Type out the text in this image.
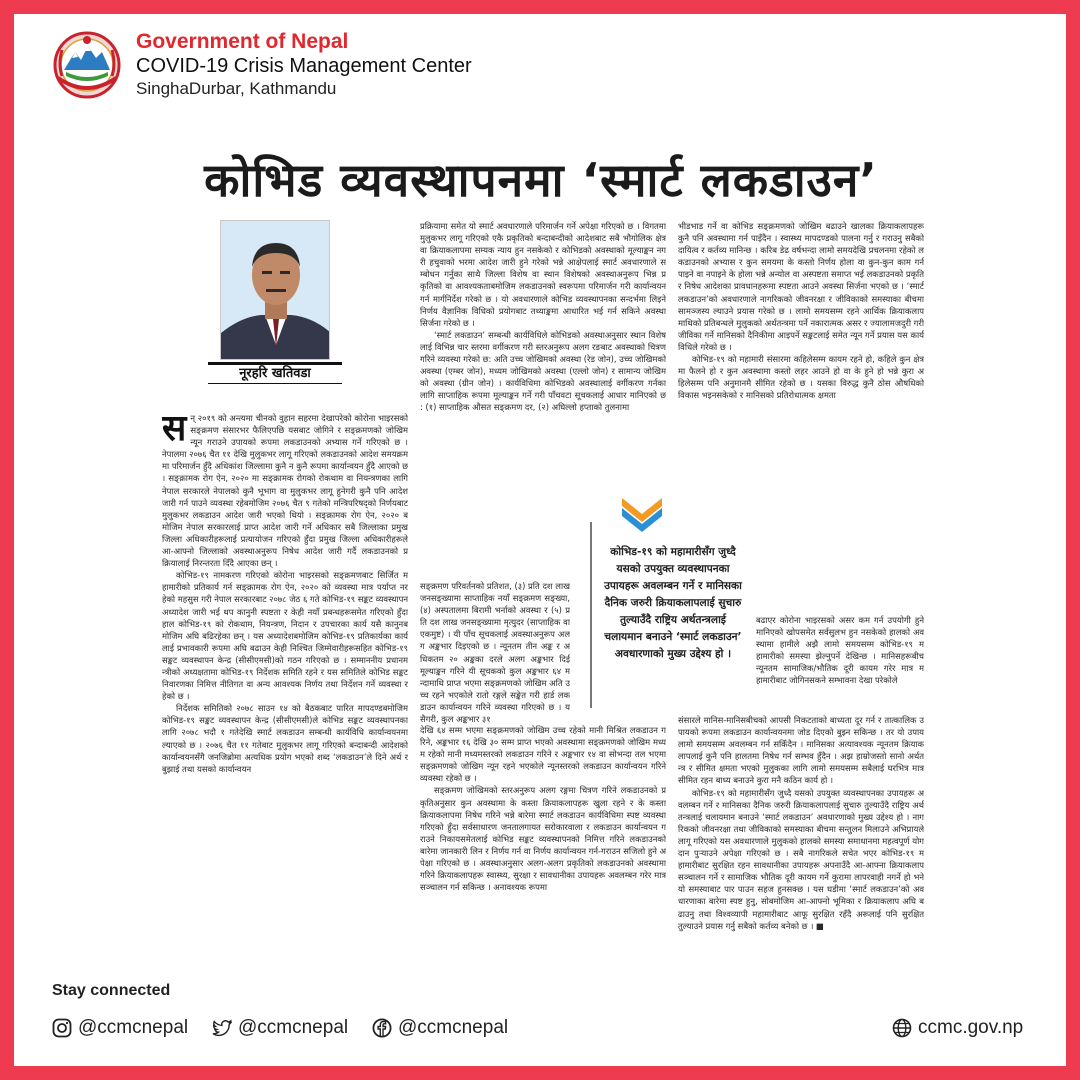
Government of Nepal
COVID-19 Crisis Management Center
SinghaDurbar, Kathmandu
कोभिड व्यवस्थापनमा ‘स्मार्ट लकडाउन’
नूरहरि खतिवडा
स न् २०१९ को अन्त्यमा चीनको वुहान सहरमा देखापरेको कोरोना भाइरसको सङ्क्रमण संसारभर फैलिएपछि यसबाट जोगिने र सङ्क्रमणको जोखिम न्यून गराउने उपायको रूपमा लकडाउनको अभ्यास गर्ने गरिएको छ । नेपालमा २०७६ चैत ११ देखि मुलुकभर लागू गरिएको लकडाउनको आदेश समयक्रममा परिमार्जन हुँदै अधिकांश जिल्लामा कुनै न कुनै रूपमा कार्यान्वयन हुँदै आएको छ । सङ्क्रामक रोग ऐन, २०२० मा सङ्क्रामक रोगको रोकथाम वा नियन्त्रणका लागि नेपाल सरकारले नेपालको कुनै भूभाग वा मुलुकभर लागू हुनेगरी कुनै पनि आदेश जारी गर्न पाउने व्यवस्था रहेबमोजिम २०७६ चैत ९ गतेको मन्त्रिपरिषद्को निर्णयबाट मुलुकभर लकडाउन आदेश जारी भएको थियो । सङ्क्रामक रोग ऐन, २०२० बमोजिम नेपाल सरकारलाई प्राप्त आदेश जारी गर्ने अधिकार सबै जिल्लाका प्रमुख जिल्ला अधिकारीहरूलाई प्रत्यायोजन गरिएको हुँदा प्रमुख जिल्ला अधिकारीहरूले आ-आफ्नो जिल्लाको अवस्थाअनुरूप निषेध आदेश जारी गर्दै लकडाउनको प्रक्रियालाई निरन्तरता दिँदै आएका छन् ।

कोभिड-१९ नामकरण गरिएको कोरोना भाइरसको सङ्क्रमणबाट सिर्जित महामारीको प्रतिकार्य गर्न सङ्क्रामक रोग ऐन, २०२० को व्यवस्था मात्र पर्याप्त नरहेको महसुस गरी नेपाल सरकारबाट २०७८ जेठ ६ गते कोभिड-१९ सङ्कट व्यवस्थापन अध्यादेश जारी भई थप कानुनी स्पष्टता र केही नयाँ प्रबन्धहरूसमेत गरिएको हुँदा हाल कोभिड-१९ को रोकथाम, नियन्त्रण, निदान र उपचारका कार्य यसै कानुनबमोजिम अघि बढिरहेका छन् । यस अध्यादेशबमोजिम कोभिड-१९ प्रतिकार्यका कार्यलाई प्रभावकारी रूपमा अघि बढाउन केही निश्चित जिम्मेवारीहरूसहित कोभिड-१९ सङ्कट व्यवस्थापन केन्द्र (सीसीएमसी)को गठन गरिएको छ । सम्माननीय प्रधानमन्त्रीको अध्यक्षतामा कोभिड-१९ निर्देशक समिति रहने र यस समितिले कोभिड सङ्कट निवारणका निमित्त नीतिगत वा अन्य आवश्यक निर्णय तथा निर्देशन गर्ने व्यवस्था रहेको छ ।

निर्देशक समितिको २०७८ साउन १४ को बैठकबाट पारित मापदण्डबमोजिम कोभिड-१९ सङ्कट व्यवस्थापन केन्द्र (सीसीएमसी)ले कोभिड सङ्कट व्यवस्थापनका लागि २०७८ भदौ १ गतेदेखि स्मार्ट लकडाउन सम्बन्धी कार्यविधि कार्यान्वयनमा ल्याएको छ । २०७६ चैत ११ गतेबाट मुलुकभर लागू गरिएको बन्दाबन्दी आदेशको कार्यान्वयनसँगै जनजिब्रोमा अत्यधिक प्रयोग भएको शब्द ‘लकडाउन’ले दिने अर्थ र बुझाई तथा यसको कार्यान्वयन

प्रक्रियामा समेत यो स्मार्ट अवधारणाले परिमार्जन गर्ने अपेक्षा गरिएको छ । विगतमा मुलुकभर लागू गरिएको एकै प्रकृतिको बन्दाबन्दीको आदेशबाट सबै भौगोलिक क्षेत्र वा क्रियाकलापमा सम्यक न्याय हुन नसकेको र कोभिडको अवस्थाको मूल्याङ्कन नगरी हचुवाको भरमा आदेश जारी हुने गरेको भन्ने आक्षेपलाई स्मार्ट अवधारणाले सम्बोधन गर्नुका साथै जिल्ला विशेष वा स्थान विशेषको अवस्थाअनुरूप भिन्न प्रकृतिको वा आवश्यकताबमोजिम लकडाउनको स्वरूपमा परिमार्जन गरी कार्यान्वयन गर्न मार्गनिर्देश गरेको छ । यो अवधारणाले कोभिड व्यवस्थापनका सन्दर्भमा लिइने निर्णय वैज्ञानिक विधिको प्रयोगबाट तथ्याङ्कमा आधारित भई गर्न सकिने अवस्था सिर्जना गरेको छ ।

‘स्मार्ट लकडाउन’ सम्बन्धी कार्यविधिले कोभिडको अवस्थाअनुसार स्थान विशेषलाई विभिन्न चार स्तरमा वर्गीकरण गरी स्तरअनुरूप अलग रङबाट अवस्थाको चित्रण गरिने व्यवस्था गरेको छ: अति उच्च जोखिमको अवस्था (रेड जोन), उच्च जोखिमको अवस्था (एम्बर जोन), मध्यम जोखिमको अवस्था (एल्लो जोन) र सामान्य जोखिमको अवस्था (ग्रीन जोन) । कार्यविधिमा कोभिडको अवस्थालाई वर्गीकरण गर्नका लागि साप्ताहिक रूपमा मूल्याङ्कन गर्ने गरी पाँचवटा सूचकलाई आधार मानिएको छ : (१) साप्ताहिक औसत सङ्क्रमण दर, (२) अघिल्लो हप्ताको तुलनामा

सङ्क्रमण परिवर्तनको प्रतिशत, (३) प्रति दश लाख जनसङ्ख्यामा साप्ताहिक नयाँ सङ्क्रमण सङ्ख्या, (४) अस्पतालमा बिरामी भर्नाको अवस्था र (५) प्रति दश लाख जनसङ्ख्यामा मृत्युदर (साप्ताहिक वा एकमुष्ट) । यी पाँच सूचकलाई अवस्थाअनुरूप अलग अङ्कभार दिइएको छ । न्यूनतम तीन अङ्क र अधिकतम २० अङ्कका दरले अलग अङ्कभार दिई मूल्याङ्कन गरिने यी सूचकको कुल अङ्कभार ६४ मन्दामाथि प्राप्त भएमा सङ्क्रमणको जोखिम अति उच्च रहने भएकोले रातो रङ्गले सङ्केत गरी हार्ड लकडाउन कार्यान्वयन गरिने व्यवस्था गरिएको छ । यसैगरी, कुल अङ्कभार ३१

देखि ६४ सम्म भएमा सङ्क्रमणको जोखिम उच्च रहेको मानी मिश्रित लकडाउन गरिने, अङ्कभार १६ देखि ३० सम्म प्राप्त भएको अवस्थामा सङ्क्रमणको जोखिम मध्यम रहेको मानी मध्यमस्तरको लकडाउन गरिने र अङ्कभार १४ वा सोभन्दा तल भएमा सङ्क्रमणको जोखिम न्यून रहने भएकोले न्यूनस्तरको लकडाउन कार्यान्वयन गरिने व्यवस्था रहेको छ ।

सङ्क्रमण जोखिमको स्तरअनुरूप अलग रङ्गमा चित्रण गरिने लकडाउनको प्रकृतिअनुसार कुन अवस्थामा के कस्ता क्रियाकलापहरू खुला रहने र के कस्ता क्रियाकलापमा निषेध गरिने भन्ने बारेमा स्मार्ट लकडाउन कार्यविधिमा स्पष्ट व्यवस्था गरिएको हुँदा सर्वसाधारण जनतालगायत सरोकारवाला र लकडाउन कार्यान्वयन गराउने निकायसमेतलाई कोभिड सङ्कट व्यवस्थापनको निमित्त गरिने लकडाउनको बारेमा जानकारी लिन र निर्णय गर्न वा निर्णय कार्यान्वयन गर्न-गराउन सजिलो हुने अपेक्षा गरिएको छ । अवस्थाअनुसार अलग-अलग प्रकृतिको लकडाउनको अवस्थामा गरिने क्रियाकलापहरू स्वास्थ्य, सुरक्षा र सावधानीका उपायहरू अवलम्बन गरेर मात्र सञ्चालन गर्न सकिन्छ । अनावश्यक रूपमा

भीडभाड गर्ने वा कोभिड सङ्क्रमणको जोखिम बढाउने खालका क्रियाकलापहरू कुनै पनि अवस्थामा गर्न पाइँदैन । स्वास्थ्य मापदण्डको पालना गर्नु र गराउनु सबैको दायित्व र कर्तव्य मानिन्छ । करिब डेढ वर्षभन्दा लामो समयदेखि प्रचलनमा रहेको लकडाउनको अभ्यास र कुन समयमा के कस्तो निर्णय होला वा कुन-कुन काम गर्न पाइने वा नपाइने के होला भन्ने अन्योल वा अस्पष्टता समाप्त भई लकडाउनको प्रकृति र निषेध आदेशका प्रावधानहरूमा स्पष्टता आउने अवस्था सिर्जना भएको छ । ‘स्मार्ट लकडाउन’को अवधारणाले नागरिकको जीवनरक्षा र जीविकाको समस्याका बीचमा सामञ्जस्य ल्याउने प्रयास गरेको छ । लामो समयसम्म रहने आर्थिक क्रियाकलापमाथिको प्रतिबन्धले मुलुकको अर्थतन्त्रमा पर्ने नकारात्मक असर र ज्यालामजदुरी गरी जीविका गर्ने मानिसको दैनिकीमा आइपर्ने सङ्कटलाई समेत न्यून गर्ने प्रयास यस कार्यविधिले गरेको छ ।

कोभिड-१९ को महामारी संसारमा कहिलेसम्म कायम रहने हो, कहिले कुन क्षेत्रमा फैलने हो र कुन अवस्थामा कस्तो लहर आउने हो वा के हुने हो भन्ने कुरा अहिलेसम्म पनि अनुमानमै सीमित रहेको छ । यसका विरुद्ध कुनै ठोस औषधिको विकास भइनसकेको र मानिसको प्रतिरोधात्मक क्षमता

बढाएर कोरोना भाइरसको असर कम गर्न उपयोगी हुने मानिएको खोपसमेत सर्वसुलभ हुन नसकेको हालको अवस्थामा हामीले अझै लामो समयसम्म कोभिड-१९ महामारीको समस्या झेल्नुपर्ने देखिन्छ । मानिसहरूबीच न्यूनतम सामाजिक/भौतिक दूरी कायम गरेर मात्र महामारीबाट जोगिनसकने सम्भावना देखा परेकोले

संसारले मानिस-मानिसबीचको आपसी निकटताको बाध्यता दूर गर्न र तात्कालिक उपायको रूपमा लकडाउन कार्यान्वयनमा जोड दिएको बुझ्न सकिन्छ । तर यो उपाय लामो समयसम्म अवलम्बन गर्न सकिँदैन । मानिसका अत्यावश्यक न्यूनतम क्रियाकलापलाई कुनै पनि हालतमा निषेध गर्न सम्भव हुँदैन । अझ हाम्रोजस्तो सानो अर्थतन्त्र र सीमित क्षमता भएको मुलुकका लागि लामो समयसम्म सबैलाई घरभित्र मात्र सीमित रहन बाध्य बनाउने कुरा मनै कठिन कार्य हो ।

कोभिड-१९ को महामारीसँग जुध्दै यसको उपयुक्त व्यवस्थापनका उपायहरू अवलम्बन गर्ने र मानिसका दैनिक जरुरी क्रियाकलापलाई सुचारु तुल्याउँदै राष्ट्रिय अर्थतन्त्रलाई चलायमान बनाउने ‘स्मार्ट लकडाउन’ अवधारणाको मुख्य उद्देश्य हो । नागरिकको जीवनरक्षा तथा जीविकाको समस्याका बीचमा सन्तुलन मिलाउने अभिप्रायले लागू गरिएको यस अवधारणाले मुलुकको हालको समस्या समाधानमा महत्वपूर्ण योगदान पुऱ्याउने अपेक्षा गरिएको छ । सबै नागरिकले सचेत भएर कोभिड-१९ महामारीबाट सुरक्षित रहन सावधानीका उपायहरू अपनाउँदै आ-आफ्ना क्रियाकलाप सञ्चालन गर्ने र सामाजिक भौतिक दूरी कायम गर्ने कुरामा लापरवाही नगर्ने हो भने यो समस्याबाट पार पाउन सहज हुनसक्छ । यस घडीमा ‘स्मार्ट लकडाउन’को अवधारणाका बारेमा स्पष्ट हुनु, सोबमोजिम आ-आफ्नो भूमिका र क्रियाकलाप अघि बढाउनु तथा विश्वव्यापी महामारीबाट आफू सुरक्षित रहँदै अरूलाई पनि सुरक्षित तुल्याउने प्रयास गर्नु सबैको कर्तव्य बनेको छ । ■

कोभिड-१९ को महामारीसँग जुध्दै यसको उपयुक्त व्यवस्थापनका उपायहरू अवलम्बन गर्ने र मानिसका दैनिक जरुरी क्रियाकलापलाई सुचारु तुल्याउँदै राष्ट्रिय अर्थतन्त्रलाई चलायमान बनाउने ‘स्मार्ट लकडाउन’ अवधारणाको मुख्य उद्देश्य हो ।
Stay connected
@ccmcnepal	@ccmcnepal	@ccmcnepal	ccmc.gov.np
